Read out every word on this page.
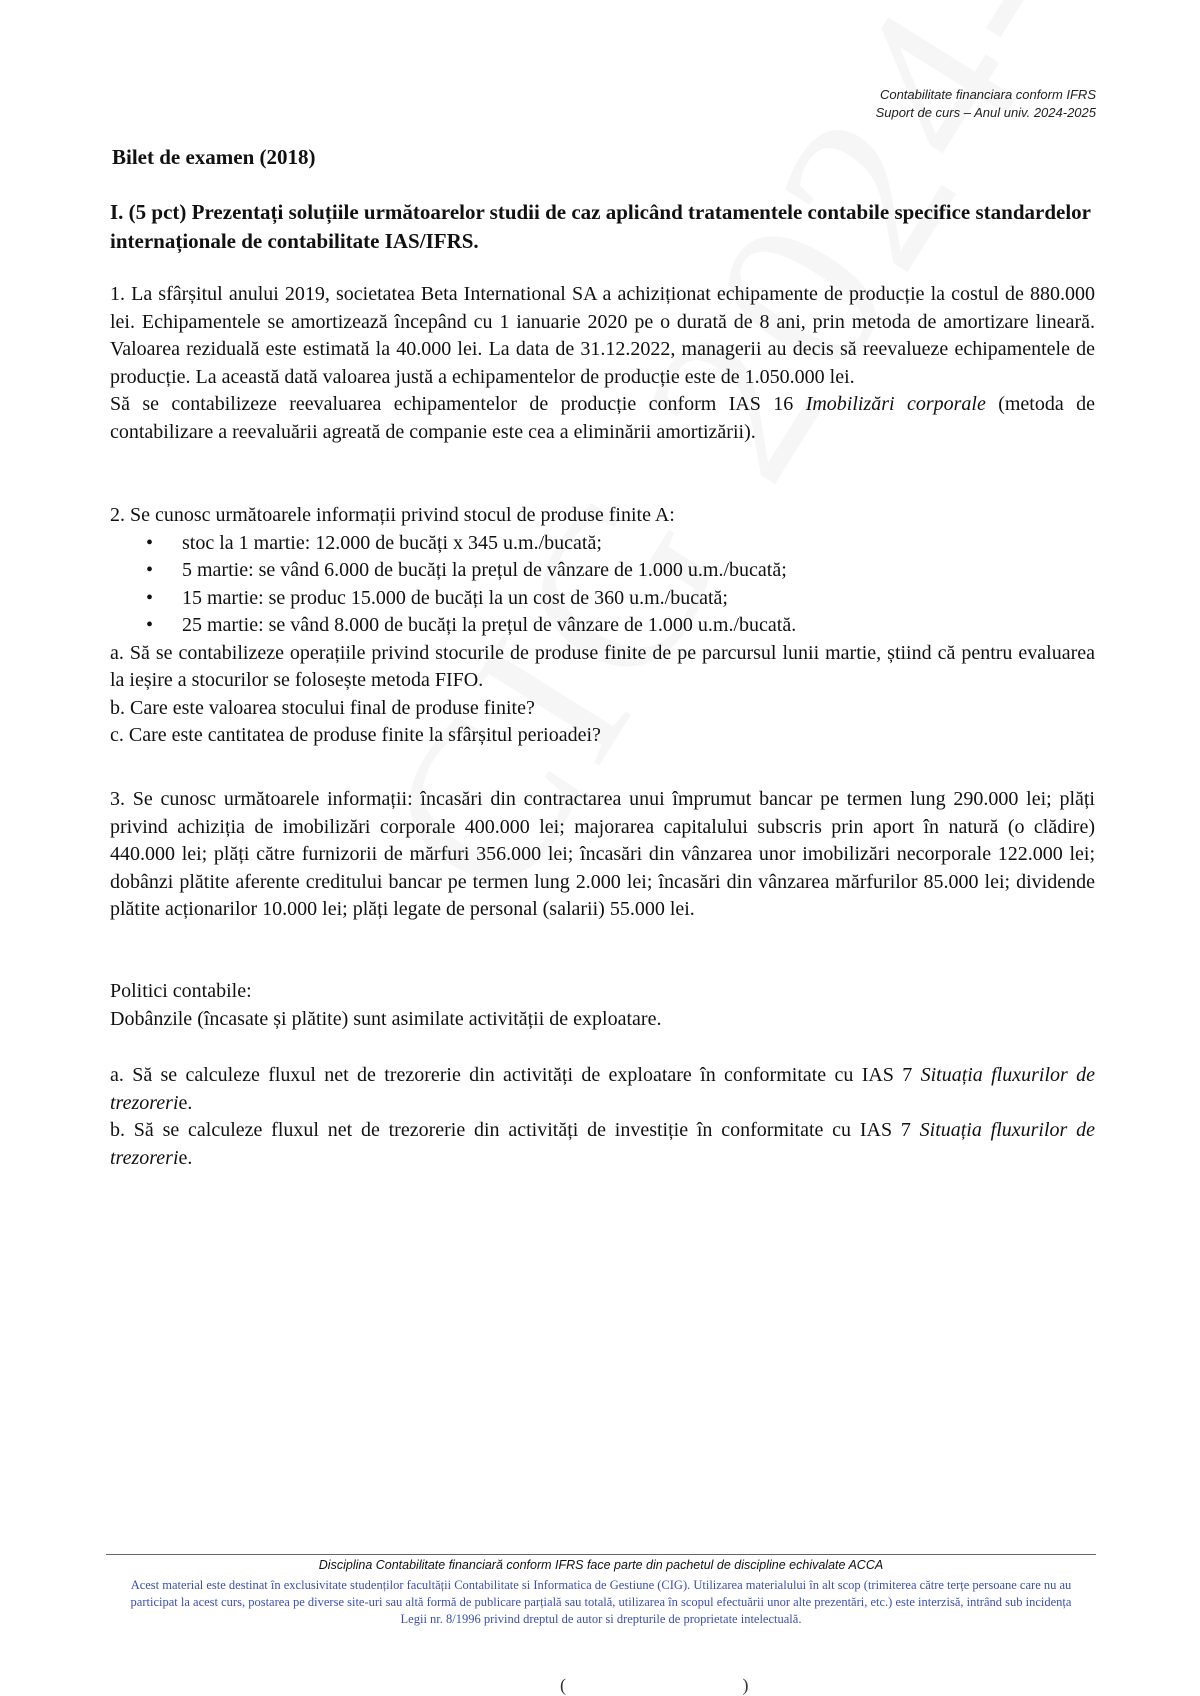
Contabilitate financiara conform IFRS
Suport de curs – Anul univ. 2024-2025
Bilet de examen (2018)
I. (5 pct) Prezentați soluțiile următoarelor studii de caz aplicând tratamentele contabile specifice standardelor internaționale de contabilitate IAS/IFRS.

1. La sfârșitul anului 2019, societatea Beta International SA a achiziționat echipamente de producție la costul de 880.000 lei. Echipamentele se amortizează începând cu 1 ianuarie 2020 pe o durată de 8 ani, prin metoda de amortizare lineară. Valoarea reziduală este estimată la 40.000 lei. La data de 31.12.2022, managerii au decis să reevalueze echipamentele de producție. La această dată valoarea justă a echipamentelor de producție este de 1.050.000 lei.

Să se contabilizeze reevaluarea echipamentelor de producție conform IAS 16 Imobilizări corporale (metoda de contabilizare a reevaluării agreată de companie este cea a eliminării amortizării).

2. Se cunosc următoarele informații privind stocul de produse finite A:

• stoc la 1 martie: 12.000 de bucăți x 345 u.m./bucată;
• 5 martie: se vând 6.000 de bucăți la prețul de vânzare de 1.000 u.m./bucată;
• 15 martie: se produc 15.000 de bucăți la un cost de 360 u.m./bucată;
• 25 martie: se vând 8.000 de bucăți la prețul de vânzare de 1.000 u.m./bucată.

a. Să se contabilizeze operațiile privind stocurile de produse finite de pe parcursul lunii martie, știind că pentru evaluarea la ieșire a stocurilor se folosește metoda FIFO.

b. Care este valoarea stocului final de produse finite?

c. Care este cantitatea de produse finite la sfârșitul perioadei?

3. Se cunosc următoarele informații: încasări din contractarea unui împrumut bancar pe termen lung 290.000 lei; plăți privind achiziția de imobilizări corporale 400.000 lei; majorarea capitalului subscris prin aport în natură (o clădire) 440.000 lei; plăți către furnizorii de mărfuri 356.000 lei; încasări din vânzarea unor imobilizări necorporale 122.000 lei; dobânzi plătite aferente creditului bancar pe termen lung 2.000 lei; încasări din vânzarea mărfurilor 85.000 lei; dividende plătite acționarilor 10.000 lei; plăți legate de personal (salarii) 55.000 lei.

Politici contabile:

Dobânzile (încasate și plătite) sunt asimilate activității de exploatare.

a. Să se calculeze fluxul net de trezorerie din activități de exploatare în conformitate cu IAS 7 Situația fluxurilor de trezorerie.

b. Să se calculeze fluxul net de trezorerie din activități de investiție în conformitate cu IAS 7 Situația fluxurilor de trezorerie.

Disciplina Contabilitate financiară conform IFRS face parte din pachetul de discipline echivalate ACCA
Acest material este destinat în exclusivitate studenților facultății Contabilitate si Informatica de Gestiune (CIG). Utilizarea materialului în alt scop (trimiterea către terțe persoane care nu au participat la acest curs, postarea pe diverse site-uri sau altă formă de publicare parțială sau totală, utilizarea în scopul efectuării unor alte prezentări, etc.) este interzisă, intrând sub incidența Legii nr. 8/1996 privind dreptul de autor si drepturile de proprietate intelectuală.
( )
